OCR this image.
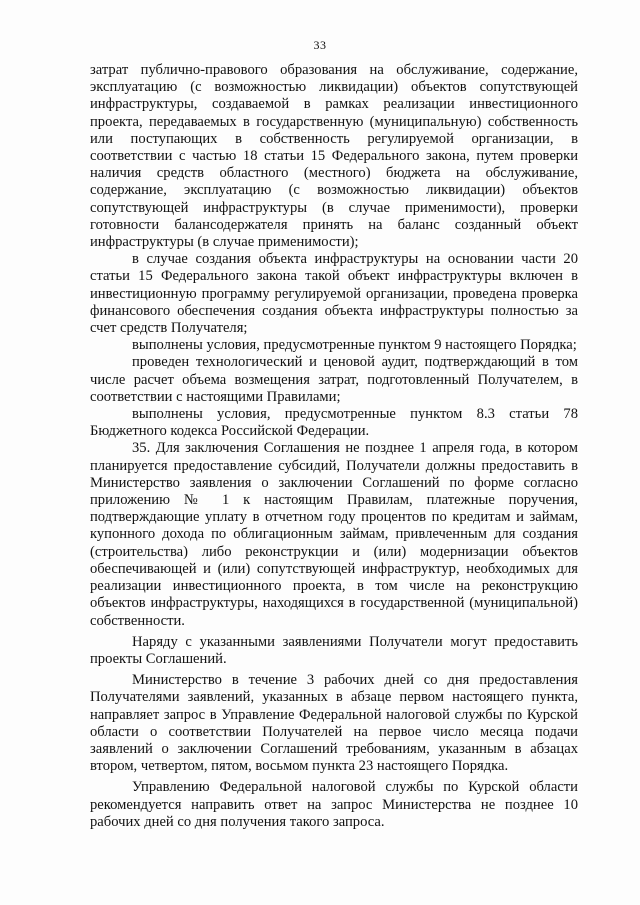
33

затрат публично-правового образования на обслуживание, содержание, эксплуатацию (с возможностью ликвидации) объектов сопутствующей инфраструктуры, создаваемой в рамках реализации инвестиционного проекта, передаваемых в государственную (муниципальную) собственность или поступающих в собственность регулируемой организации, в соответствии с частью 18 статьи 15 Федерального закона, путем проверки наличия средств областного (местного) бюджета на обслуживание, содержание, эксплуатацию (с возможностью ликвидации) объектов сопутствующей инфраструктуры (в случае применимости), проверки готовности балансодержателя принять на баланс созданный объект инфраструктуры (в случае применимости);

в случае создания объекта инфраструктуры на основании части 20 статьи 15 Федерального закона такой объект инфраструктуры включен в инвестиционную программу регулируемой организации, проведена проверка финансового обеспечения создания объекта инфраструктуры полностью за счет средств Получателя;

выполнены условия, предусмотренные пунктом 9 настоящего Порядка;

проведен технологический и ценовой аудит, подтверждающий в том числе расчет объема возмещения затрат, подготовленный Получателем, в соответствии с настоящими Правилами;

выполнены условия, предусмотренные пунктом 8.3 статьи 78 Бюджетного кодекса Российской Федерации.

35. Для заключения Соглашения не позднее 1 апреля года, в котором планируется предоставление субсидий, Получатели должны предоставить в Министерство заявления о заключении Соглашений по форме согласно приложению № 1 к настоящим Правилам, платежные поручения, подтверждающие уплату в отчетном году процентов по кредитам и займам, купонного дохода по облигационным займам, привлеченным для создания (строительства) либо реконструкции и (или) модернизации объектов обеспечивающей и (или) сопутствующей инфраструктур, необходимых для реализации инвестиционного проекта, в том числе на реконструкцию объектов инфраструктуры, находящихся в государственной (муниципальной) собственности.

Наряду с указанными заявлениями Получатели могут предоставить проекты Соглашений.

Министерство в течение 3 рабочих дней со дня предоставления Получателями заявлений, указанных в абзаце первом настоящего пункта, направляет запрос в Управление Федеральной налоговой службы по Курской области о соответствии Получателей на первое число месяца подачи заявлений о заключении Соглашений требованиям, указанным в абзацах втором, четвертом, пятом, восьмом пункта 23 настоящего Порядка.

Управлению Федеральной налоговой службы по Курской области рекомендуется направить ответ на запрос Министерства не позднее 10 рабочих дней со дня получения такого запроса.
